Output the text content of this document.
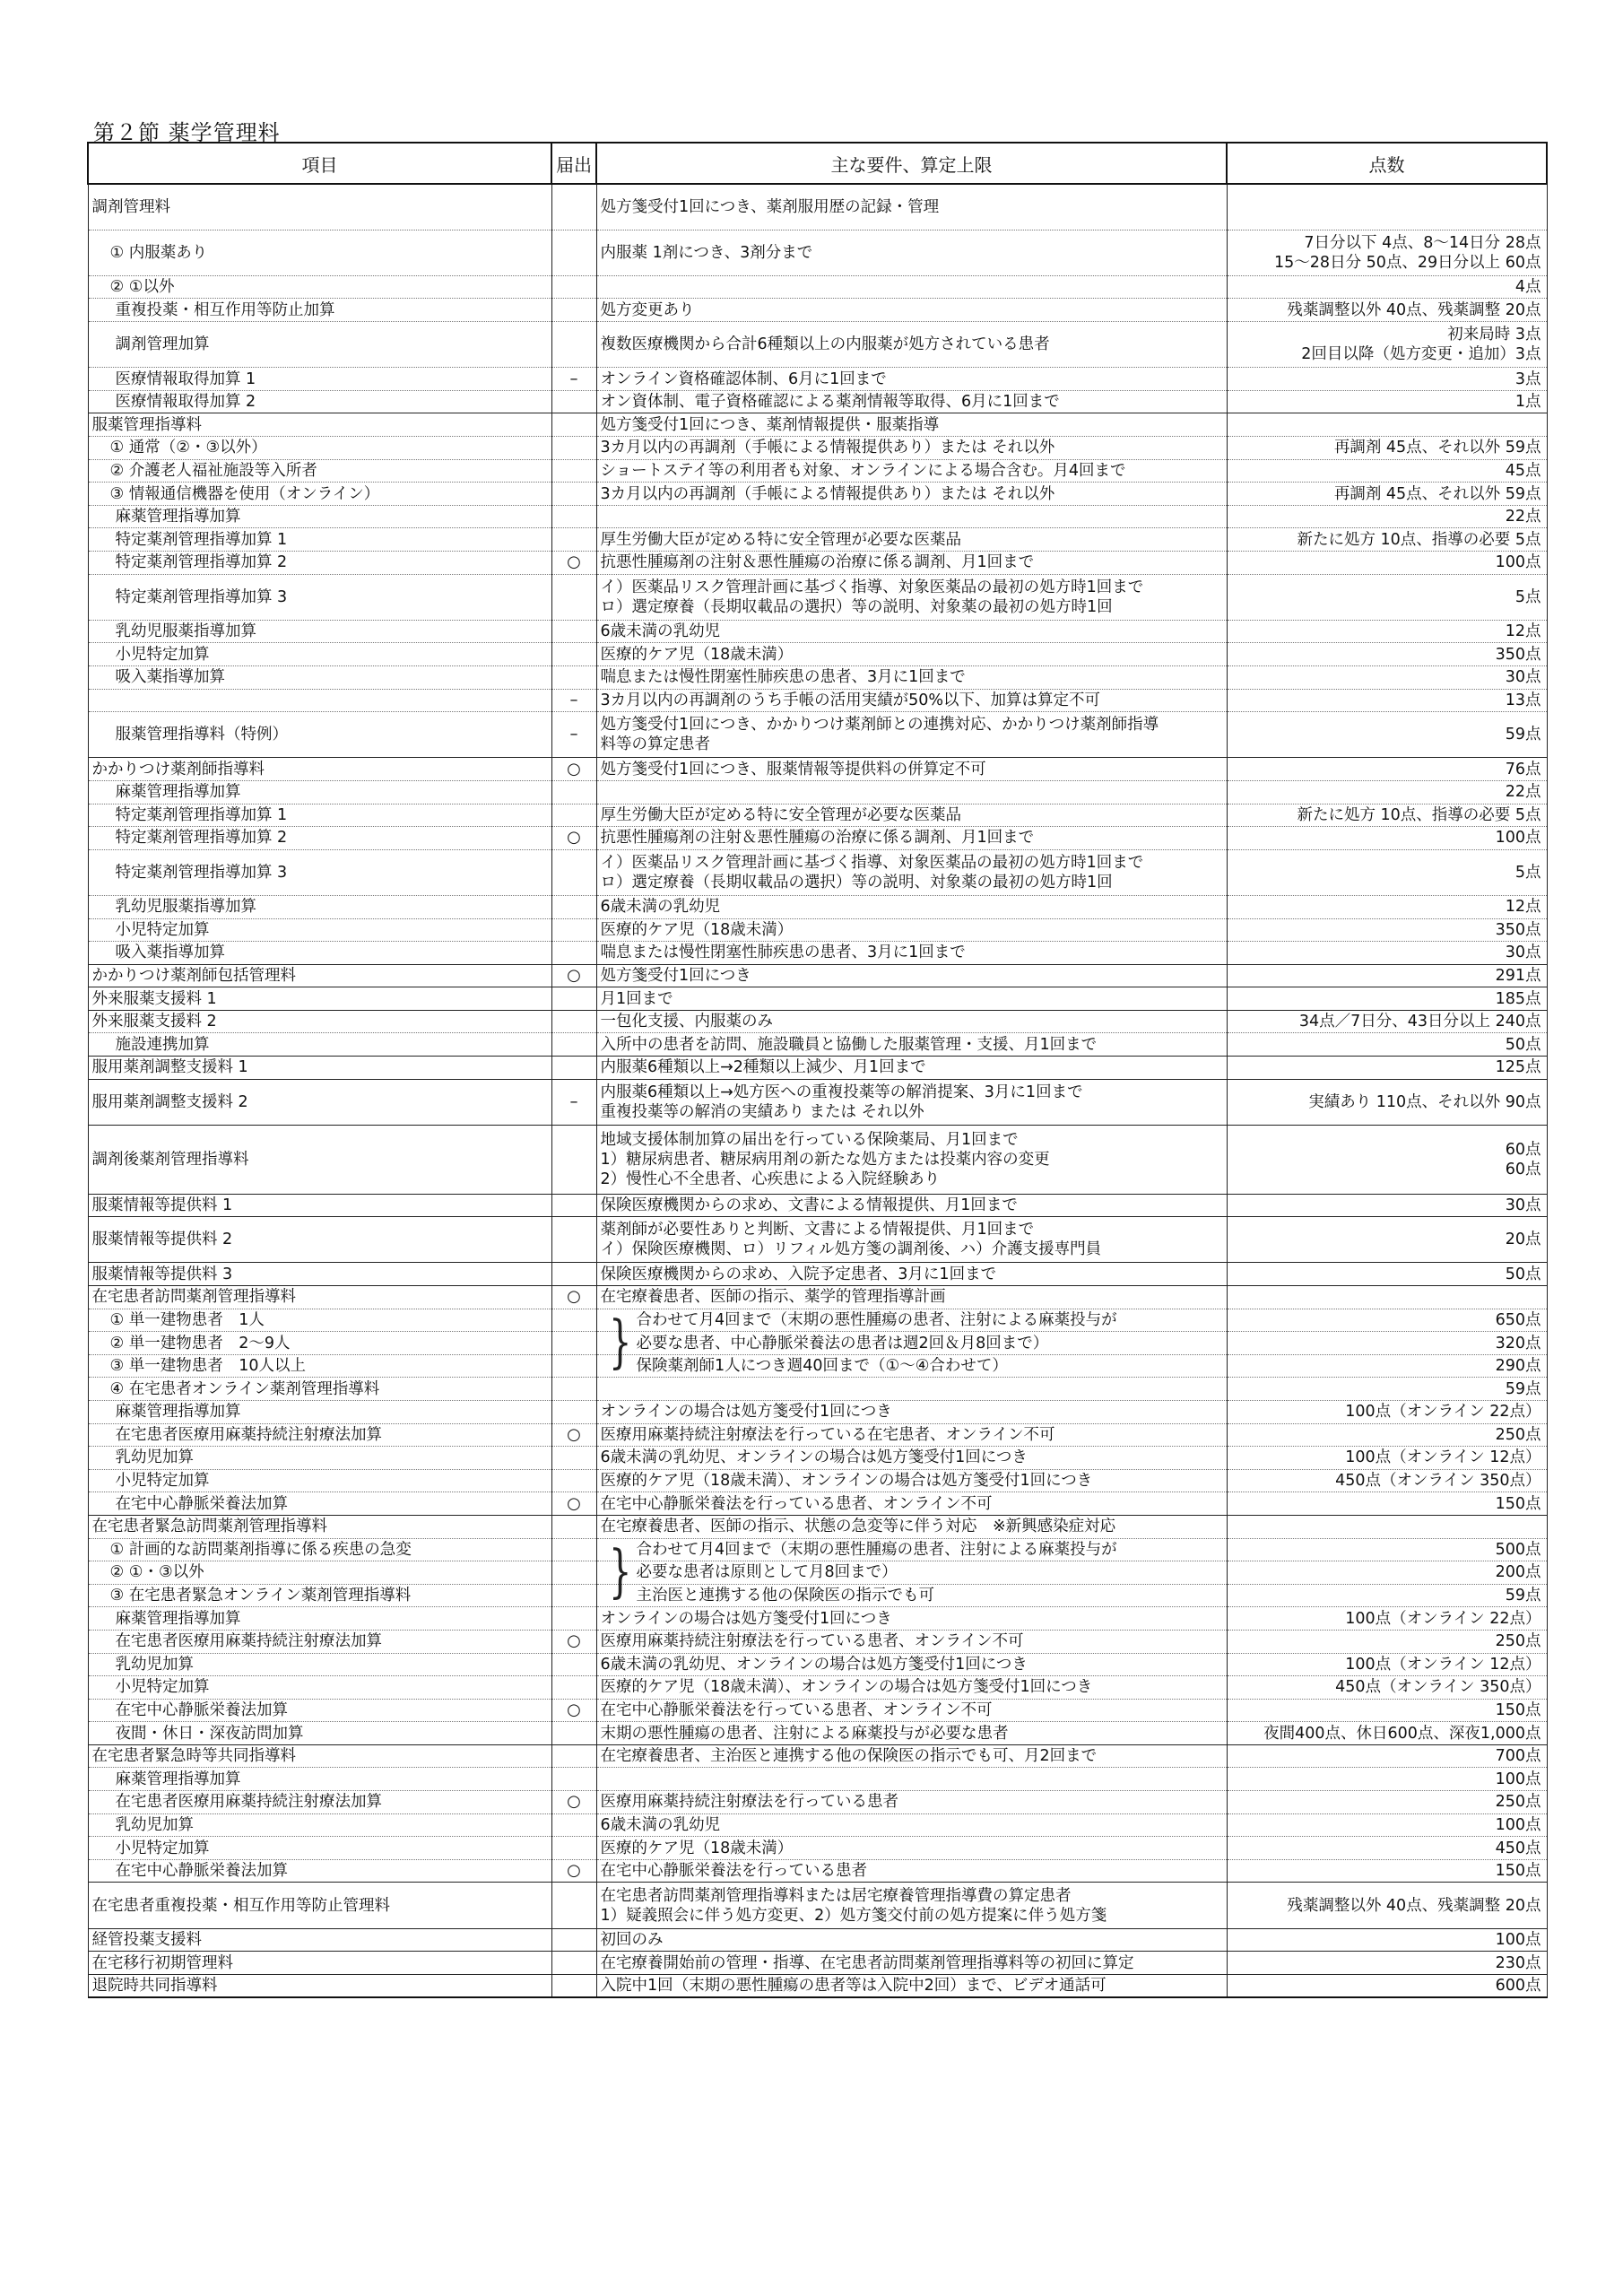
第２節 薬学管理料
項目	届出	主な要件、算定上限	点数
調剤管理料		処方箋受付1回につき、薬剤服用歴の記録・管理	

① 内服薬あり		内服薬 1剤につき、3剤分まで	7日分以下 4点、8～14日分 28点
15～28日分 50点、29日分以上 60点

② ①以外			4点

重複投薬・相互作用等防止加算		処方変更あり	残薬調整以外 40点、残薬調整 20点

調剤管理加算		複数医療機関から合計6種類以上の内服薬が処方されている患者	初来局時 3点
2回目以降（処方変更・追加）3点

医療情報取得加算 1	–	オンライン資格確認体制、6月に1回まで	3点

医療情報取得加算 2		オン資体制、電子資格確認による薬剤情報等取得、6月に1回まで	1点

服薬管理指導料		処方箋受付1回につき、薬剤情報提供・服薬指導	

① 通常（②・③以外）		3カ月以内の再調剤（手帳による情報提供あり）または それ以外	再調剤 45点、それ以外 59点

② 介護老人福祉施設等入所者		ショートステイ等の利用者も対象、オンラインによる場合含む。月4回まで	45点

③ 情報通信機器を使用（オンライン）		3カ月以内の再調剤（手帳による情報提供あり）または それ以外	再調剤 45点、それ以外 59点

麻薬管理指導加算			22点

特定薬剤管理指導加算 1		厚生労働大臣が定める特に安全管理が必要な医薬品	新たに処方 10点、指導の必要 5点

特定薬剤管理指導加算 2	○	抗悪性腫瘍剤の注射＆悪性腫瘍の治療に係る調剤、月1回まで	100点

特定薬剤管理指導加算 3		イ）医薬品リスク管理計画に基づく指導、対象医薬品の最初の処方時1回まで
ロ）選定療養（長期収載品の選択）等の説明、対象薬の最初の処方時1回	5点

乳幼児服薬指導加算		6歳未満の乳幼児	12点

小児特定加算		医療的ケア児（18歳未満）	350点

吸入薬指導加算		喘息または慢性閉塞性肺疾患の患者、3月に1回まで	30点

	–	3カ月以内の再調剤のうち手帳の活用実績が50%以下、加算は算定不可	13点

服薬管理指導料（特例）	–	処方箋受付1回につき、かかりつけ薬剤師との連携対応、かかりつけ薬剤師指導
料等の算定患者	59点

かかりつけ薬剤師指導料	○	処方箋受付1回につき、服薬情報等提供料の併算定不可	76点

麻薬管理指導加算			22点

特定薬剤管理指導加算 1		厚生労働大臣が定める特に安全管理が必要な医薬品	新たに処方 10点、指導の必要 5点

特定薬剤管理指導加算 2	○	抗悪性腫瘍剤の注射＆悪性腫瘍の治療に係る調剤、月1回まで	100点

特定薬剤管理指導加算 3		イ）医薬品リスク管理計画に基づく指導、対象医薬品の最初の処方時1回まで
ロ）選定療養（長期収載品の選択）等の説明、対象薬の最初の処方時1回	5点

乳幼児服薬指導加算		6歳未満の乳幼児	12点

小児特定加算		医療的ケア児（18歳未満）	350点

吸入薬指導加算		喘息または慢性閉塞性肺疾患の患者、3月に1回まで	30点

かかりつけ薬剤師包括管理料	○	処方箋受付1回につき	291点

外来服薬支援料 1		月1回まで	185点

外来服薬支援料 2		一包化支援、内服薬のみ	34点／7日分、43日分以上 240点

施設連携加算		入所中の患者を訪問、施設職員と協働した服薬管理・支援、月1回まで	50点

服用薬剤調整支援料 1		内服薬6種類以上→2種類以上減少、月1回まで	125点

服用薬剤調整支援料 2	–	内服薬6種類以上→処方医への重複投薬等の解消提案、3月に1回まで
重複投薬等の解消の実績あり または それ以外	実績あり 110点、それ以外 90点

調剤後薬剤管理指導料		地域支援体制加算の届出を行っている保険薬局、月1回まで
1）糖尿病患者、糖尿病用剤の新たな処方または投薬内容の変更
2）慢性心不全患者、心疾患による入院経験あり	60点
60点

服薬情報等提供料 1		保険医療機関からの求め、文書による情報提供、月1回まで	30点

服薬情報等提供料 2		薬剤師が必要性ありと判断、文書による情報提供、月1回まで
イ）保険医療機関、ロ）リフィル処方箋の調剤後、ハ）介護支援専門員	20点

服薬情報等提供料 3		保険医療機関からの求め、入院予定患者、3月に1回まで	50点

在宅患者訪問薬剤管理指導料	○	在宅療養患者、医師の指示、薬学的管理指導計画	

① 単一建物患者　1人		合わせて月4回まで（末期の悪性腫瘍の患者、注射による麻薬投与が	650点

② 単一建物患者　2～9人		必要な患者、中心静脈栄養法の患者は週2回＆月8回まで）	320点

③ 単一建物患者　10人以上		保険薬剤師1人につき週40回まで（①～④合わせて）	290点

④ 在宅患者オンライン薬剤管理指導料			59点

麻薬管理指導加算		オンラインの場合は処方箋受付1回につき	100点（オンライン 22点）

在宅患者医療用麻薬持続注射療法加算	○	医療用麻薬持続注射療法を行っている在宅患者、オンライン不可	250点

乳幼児加算		6歳未満の乳幼児、オンラインの場合は処方箋受付1回につき	100点（オンライン 12点）

小児特定加算		医療的ケア児（18歳未満）、オンラインの場合は処方箋受付1回につき	450点（オンライン 350点）

在宅中心静脈栄養法加算	○	在宅中心静脈栄養法を行っている患者、オンライン不可	150点

在宅患者緊急訪問薬剤管理指導料		在宅療養患者、医師の指示、状態の急変等に伴う対応　※新興感染症対応	

① 計画的な訪問薬剤指導に係る疾患の急変		合わせて月4回まで（末期の悪性腫瘍の患者、注射による麻薬投与が	500点

② ①・③以外		必要な患者は原則として月8回まで）	200点

③ 在宅患者緊急オンライン薬剤管理指導料		主治医と連携する他の保険医の指示でも可	59点

麻薬管理指導加算		オンラインの場合は処方箋受付1回につき	100点（オンライン 22点）

在宅患者医療用麻薬持続注射療法加算	○	医療用麻薬持続注射療法を行っている患者、オンライン不可	250点

乳幼児加算		6歳未満の乳幼児、オンラインの場合は処方箋受付1回につき	100点（オンライン 12点）

小児特定加算		医療的ケア児（18歳未満）、オンラインの場合は処方箋受付1回につき	450点（オンライン 350点）

在宅中心静脈栄養法加算	○	在宅中心静脈栄養法を行っている患者、オンライン不可	150点

夜間・休日・深夜訪問加算		末期の悪性腫瘍の患者、注射による麻薬投与が必要な患者	夜間400点、休日600点、深夜1,000点

在宅患者緊急時等共同指導料		在宅療養患者、主治医と連携する他の保険医の指示でも可、月2回まで	700点

麻薬管理指導加算			100点

在宅患者医療用麻薬持続注射療法加算	○	医療用麻薬持続注射療法を行っている患者	250点

乳幼児加算		6歳未満の乳幼児	100点

小児特定加算		医療的ケア児（18歳未満）	450点

在宅中心静脈栄養法加算	○	在宅中心静脈栄養法を行っている患者	150点

在宅患者重複投薬・相互作用等防止管理料		在宅患者訪問薬剤管理指導料または居宅療養管理指導費の算定患者
1）疑義照会に伴う処方変更、2）処方箋交付前の処方提案に伴う処方箋	残薬調整以外 40点、残薬調整 20点

経管投薬支援料		初回のみ	100点

在宅移行初期管理料		在宅療養開始前の管理・指導、在宅患者訪問薬剤管理指導料等の初回に算定	230点

退院時共同指導料		入院中1回（末期の悪性腫瘍の患者等は入院中2回）まで、ビデオ通話可	600点
}
}
